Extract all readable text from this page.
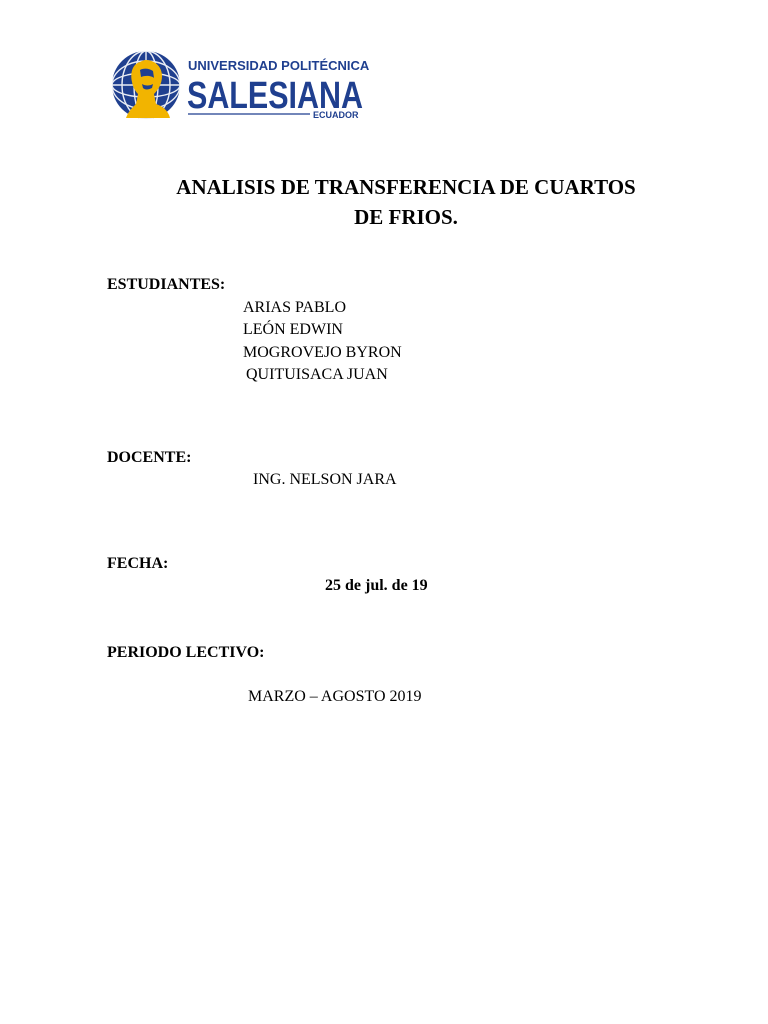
UNIVERSIDAD POLITÉCNICA
SALESIANA
ECUADOR
ANALISIS DE TRANSFERENCIA DE CUARTOS
DE FRIOS.
ESTUDIANTES:
ARIAS PABLO
LEÓN EDWIN
MOGROVEJO BYRON
QUITUISACA JUAN
DOCENTE:
ING. NELSON JARA
FECHA:
25 de jul. de 19
PERIODO LECTIVO:
MARZO – AGOSTO 2019
